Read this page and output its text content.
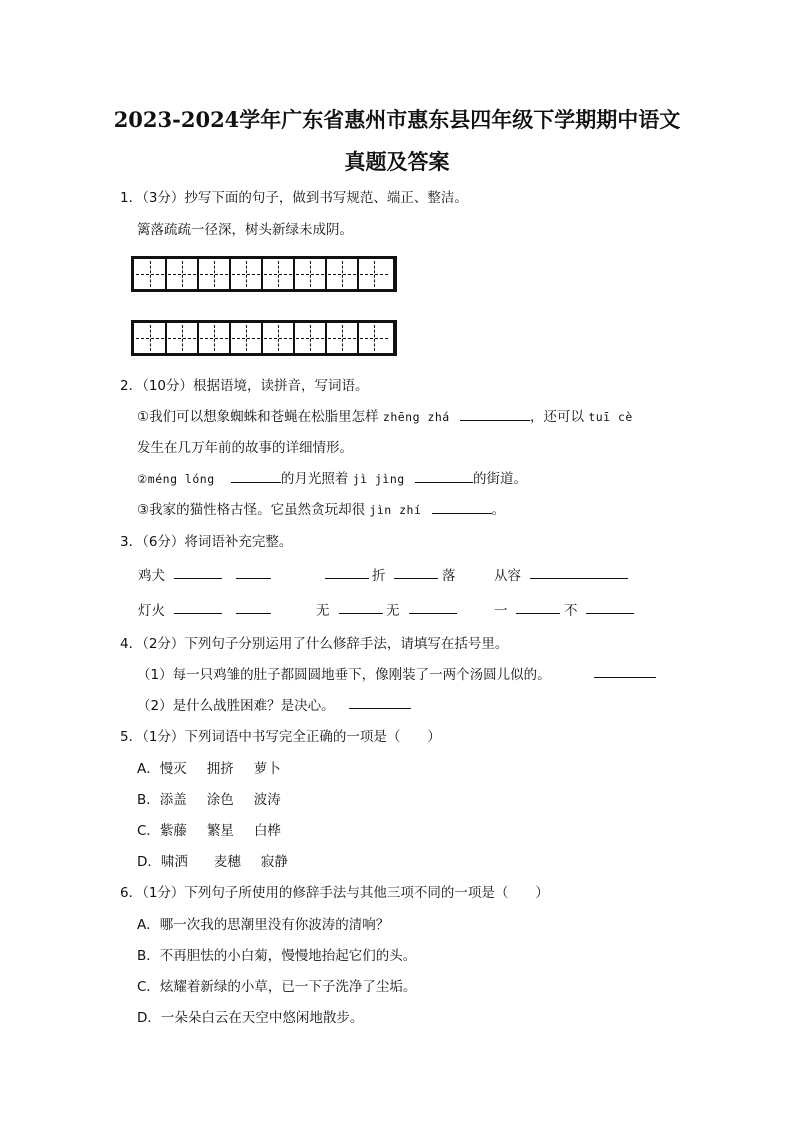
2023-2024学年广东省惠州市惠东县四年级下学期期中语文
真题及答案
1．（3分）抄写下面的句子，做到书写规范、端正、整洁。
篱落疏疏一径深，树头新绿未成阴。
2．（10分）根据语境，读拼音，写词语。
①我们可以想象蜘蛛和苍蝇在松脂里怎样 zhēng zhá	，还可以 tuī cè
发生在几万年前的故事的详细情形。
②méng lóng	的月光照着 jì jìng	的街道。
③我家的猫性格古怪。它虽然贪玩却很 jìn zhí	。
3．（6分）将词语补充完整。
鸡犬	折	落	从容
灯火	无	无	一	不
4．（2分）下列句子分别运用了什么修辞手法，请填写在括号里。
（1）每一只鸡雏的肚子都圆圆地垂下，像刚装了一两个汤圆儿似的。
（2）是什么战胜困难？是决心。
5．（1分）下列词语中书写完全正确的一项是（　　）
A．慢灭 拥挤 萝卜
B．添盖 涂色 波涛
C．紫藤 繁星 白桦
D．啸洒 麦穗 寂静
6．（1分）下列句子所使用的修辞手法与其他三项不同的一项是（　　）
A．哪一次我的思潮里没有你波涛的清响？
B．不再胆怯的小白菊，慢慢地抬起它们的头。
C．炫耀着新绿的小草，已一下子洗净了尘垢。
D．一朵朵白云在天空中悠闲地散步。
